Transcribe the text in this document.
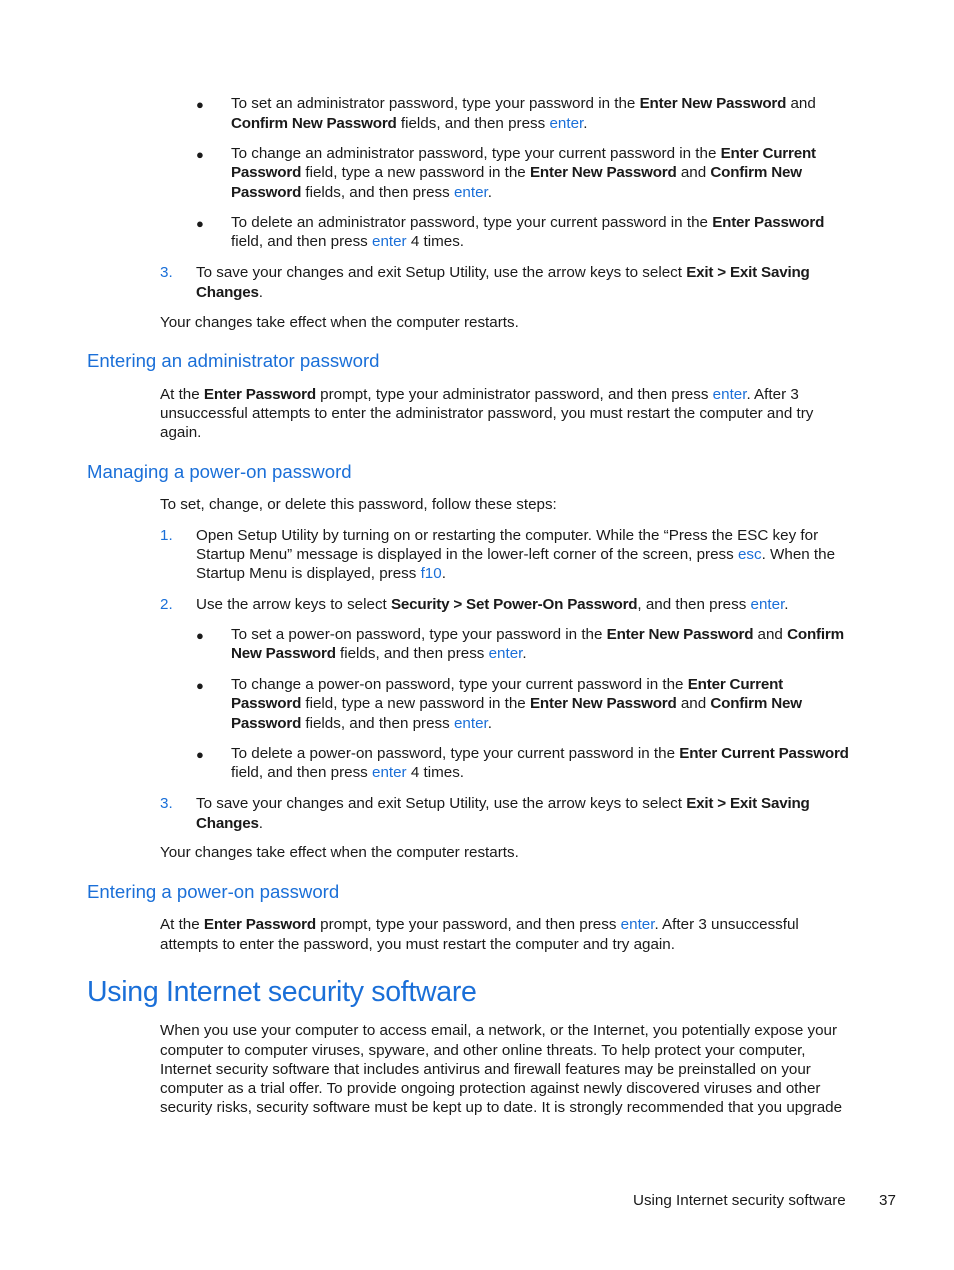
● To set an administrator password, type your password in the Enter New Password and

Confirm New Password fields, and then press enter.

● To change an administrator password, type your current password in the Enter Current

Password field, type a new password in the Enter New Password and Confirm New

Password fields, and then press enter.

● To delete an administrator password, type your current password in the Enter Password

field, and then press enter 4 times.

3. To save your changes and exit Setup Utility, use the arrow keys to select Exit > Exit Saving

Changes.

Your changes take effect when the computer restarts.

Entering an administrator password

At the Enter Password prompt, type your administrator password, and then press enter. After 3

unsuccessful attempts to enter the administrator password, you must restart the computer and try

again.

Managing a power-on password

To set, change, or delete this password, follow these steps:

1. Open Setup Utility by turning on or restarting the computer. While the “Press the ESC key for

Startup Menu” message is displayed in the lower-left corner of the screen, press esc. When the

Startup Menu is displayed, press f10.

2. Use the arrow keys to select Security > Set Power-On Password, and then press enter.

● To set a power-on password, type your password in the Enter New Password and Confirm

New Password fields, and then press enter.

● To change a power-on password, type your current password in the Enter Current

Password field, type a new password in the Enter New Password and Confirm New

Password fields, and then press enter.

● To delete a power-on password, type your current password in the Enter Current Password

field, and then press enter 4 times.

3. To save your changes and exit Setup Utility, use the arrow keys to select Exit > Exit Saving

Changes.

Your changes take effect when the computer restarts.

Entering a power-on password

At the Enter Password prompt, type your password, and then press enter. After 3 unsuccessful

attempts to enter the password, you must restart the computer and try again.

Using Internet security software

When you use your computer to access email, a network, or the Internet, you potentially expose your

computer to computer viruses, spyware, and other online threats. To help protect your computer,

Internet security software that includes antivirus and firewall features may be preinstalled on your

computer as a trial offer. To provide ongoing protection against newly discovered viruses and other

security risks, security software must be kept up to date. It is strongly recommended that you upgrade

Using Internet security software 37
